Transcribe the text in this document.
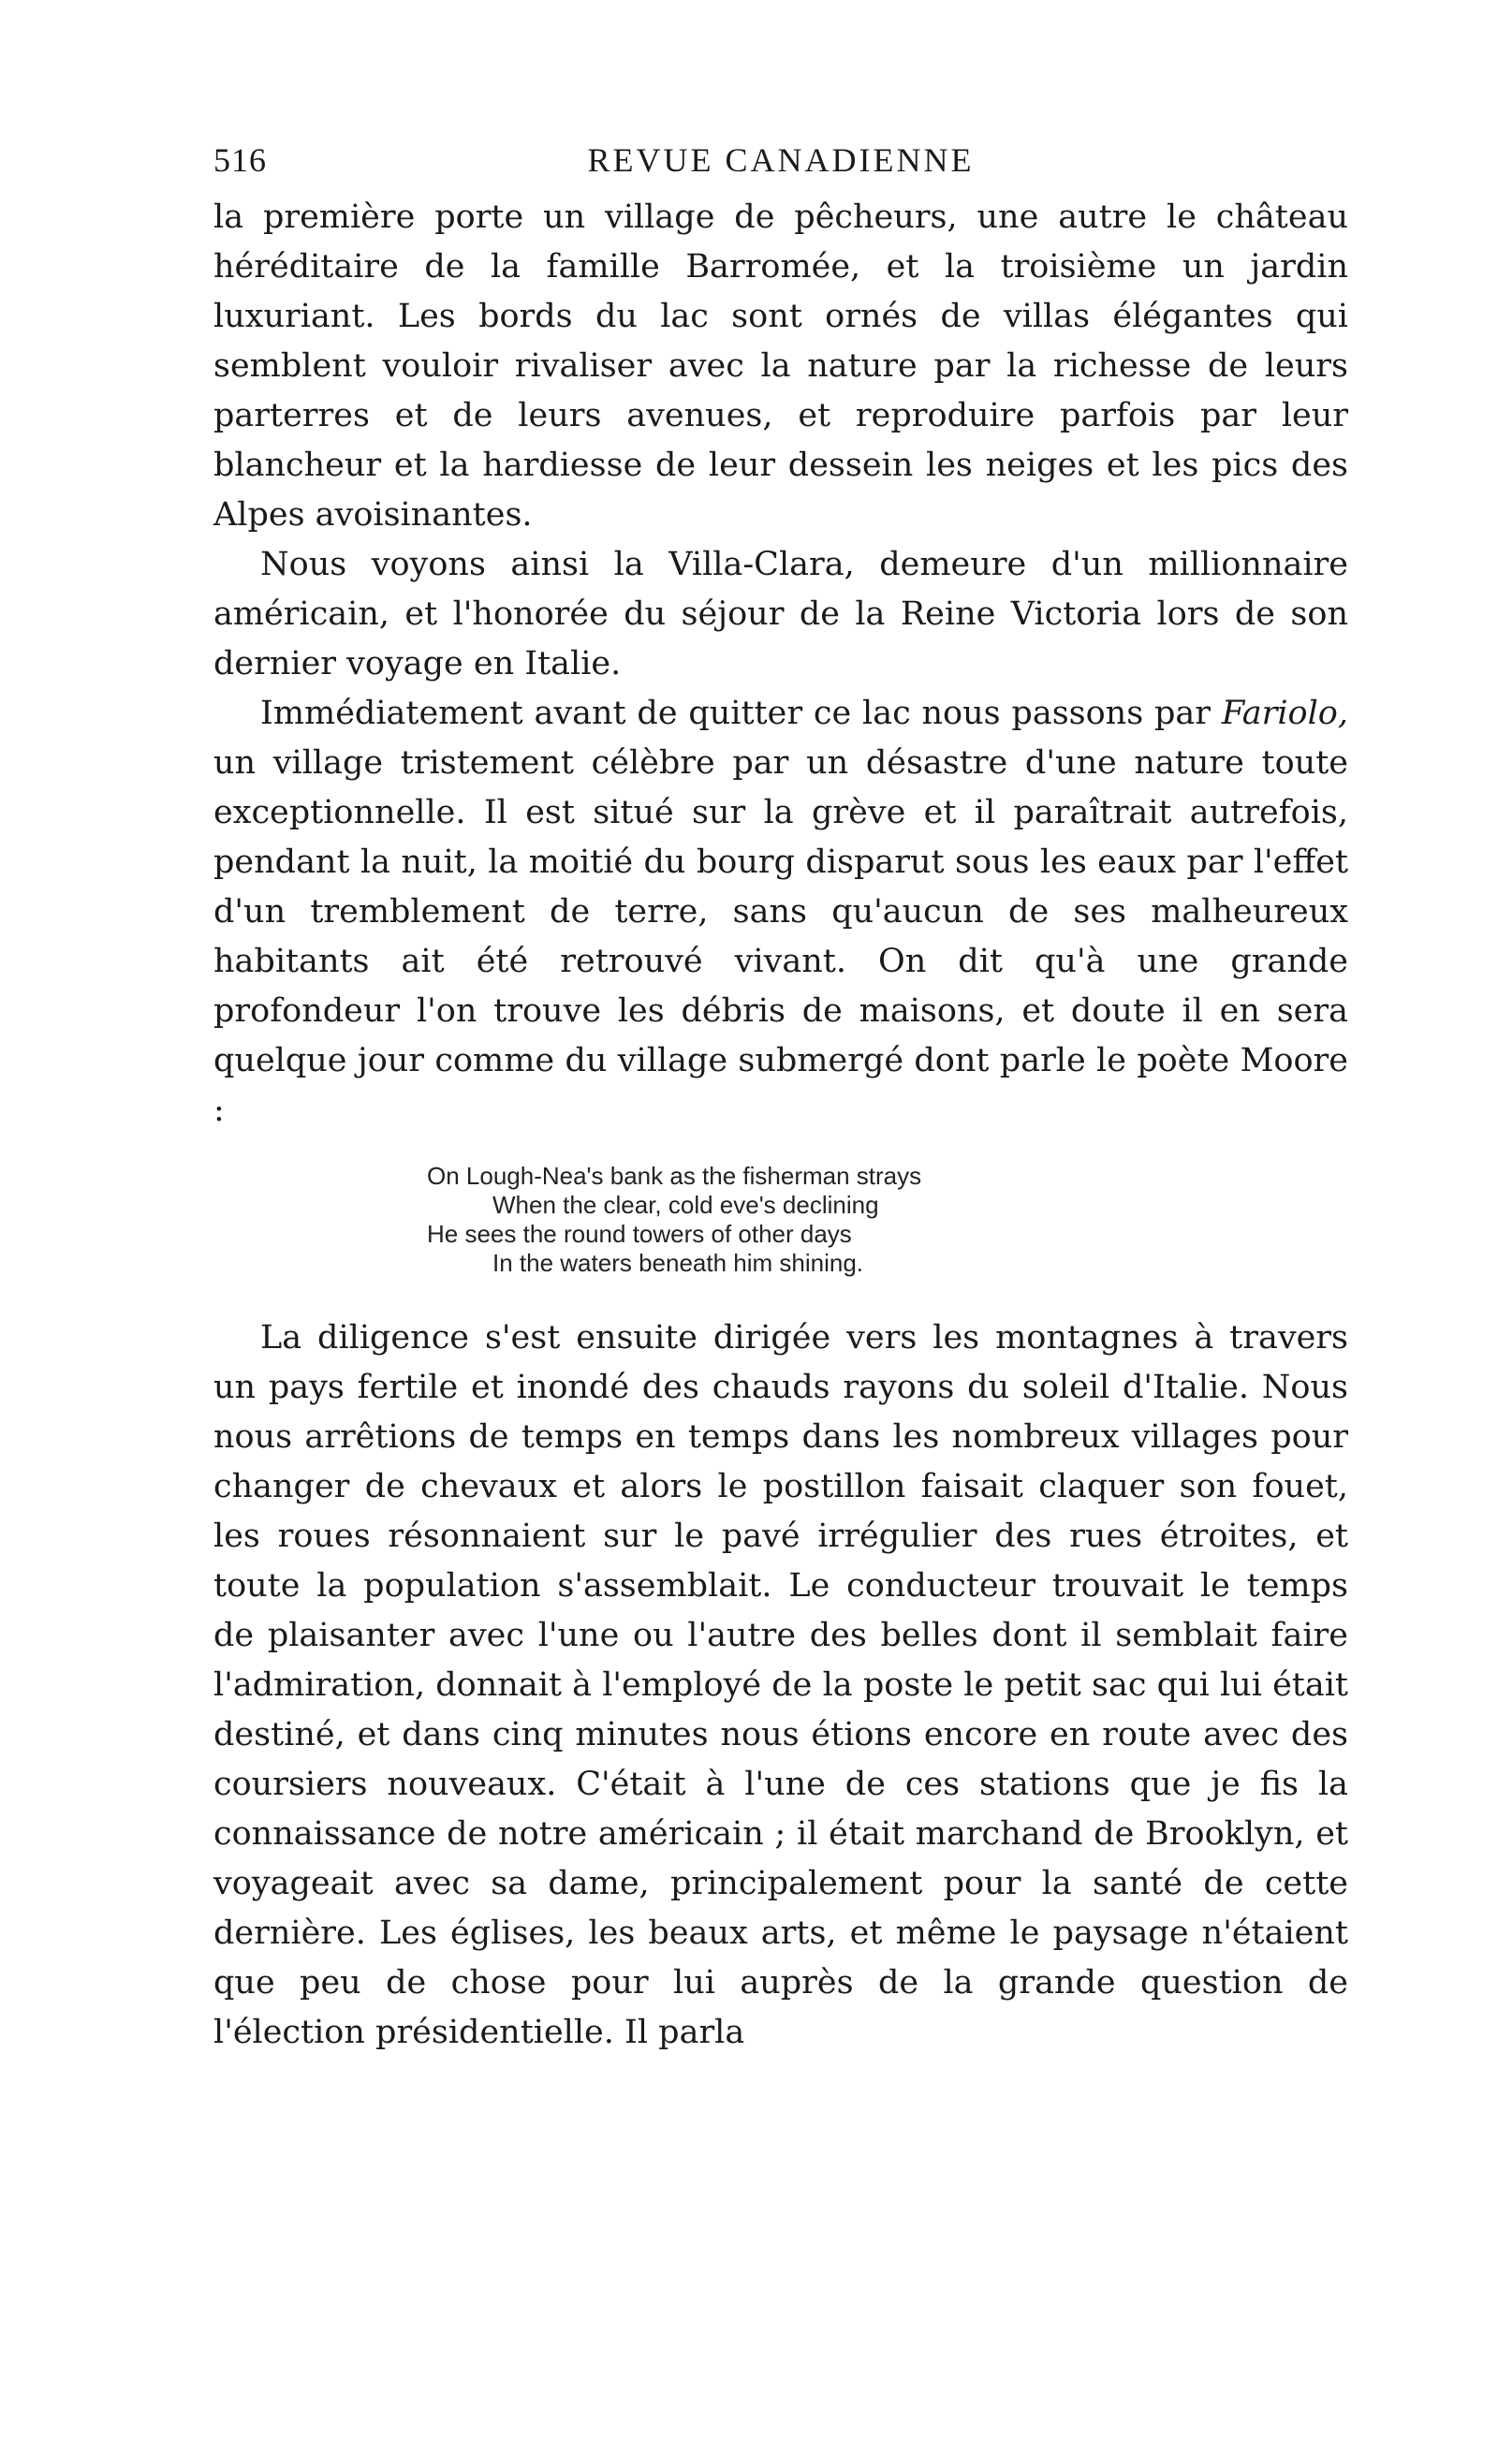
516	REVUE CANADIENNE

la première porte un village de pêcheurs, une autre le château héréditaire de la famille Barromée, et la troisième un jardin luxuriant. Les bords du lac sont ornés de villas élégantes qui semblent vouloir rivaliser avec la nature par la richesse de leurs parterres et de leurs avenues, et reproduire parfois par leur blancheur et la hardiesse de leur dessein les neiges et les pics des Alpes avoisinantes.

Nous voyons ainsi la Villa-Clara, demeure d'un millionnaire américain, et l'honorée du séjour de la Reine Victoria lors de son dernier voyage en Italie.

Immédiatement avant de quitter ce lac nous passons par Fariolo, un village tristement célèbre par un désastre d'une nature toute exceptionnelle. Il est situé sur la grève et il paraîtrait autrefois, pendant la nuit, la moitié du bourg disparut sous les eaux par l'effet d'un tremblement de terre, sans qu'aucun de ses malheureux habitants ait été retrouvé vivant. On dit qu'à une grande profondeur l'on trouve les débris de maisons, et doute il en sera quelque jour comme du village submergé dont parle le poète Moore :

On Lough-Nea's bank as the fisherman strays
When the clear, cold eve's declining
He sees the round towers of other days
In the waters beneath him shining.

La diligence s'est ensuite dirigée vers les montagnes à travers un pays fertile et inondé des chauds rayons du soleil d'Italie. Nous nous arrêtions de temps en temps dans les nombreux villages pour changer de chevaux et alors le postillon faisait claquer son fouet, les roues résonnaient sur le pavé irrégulier des rues étroites, et toute la population s'assemblait. Le conducteur trouvait le temps de plaisanter avec l'une ou l'autre des belles dont il semblait faire l'admiration, donnait à l'employé de la poste le petit sac qui lui était destiné, et dans cinq minutes nous étions encore en route avec des coursiers nouveaux. C'était à l'une de ces stations que je fis la connaissance de notre américain ; il était marchand de Brooklyn, et voyageait avec sa dame, principalement pour la santé de cette dernière. Les églises, les beaux arts, et même le paysage n'étaient que peu de chose pour lui auprès de la grande question de l'élection présidentielle. Il parla
